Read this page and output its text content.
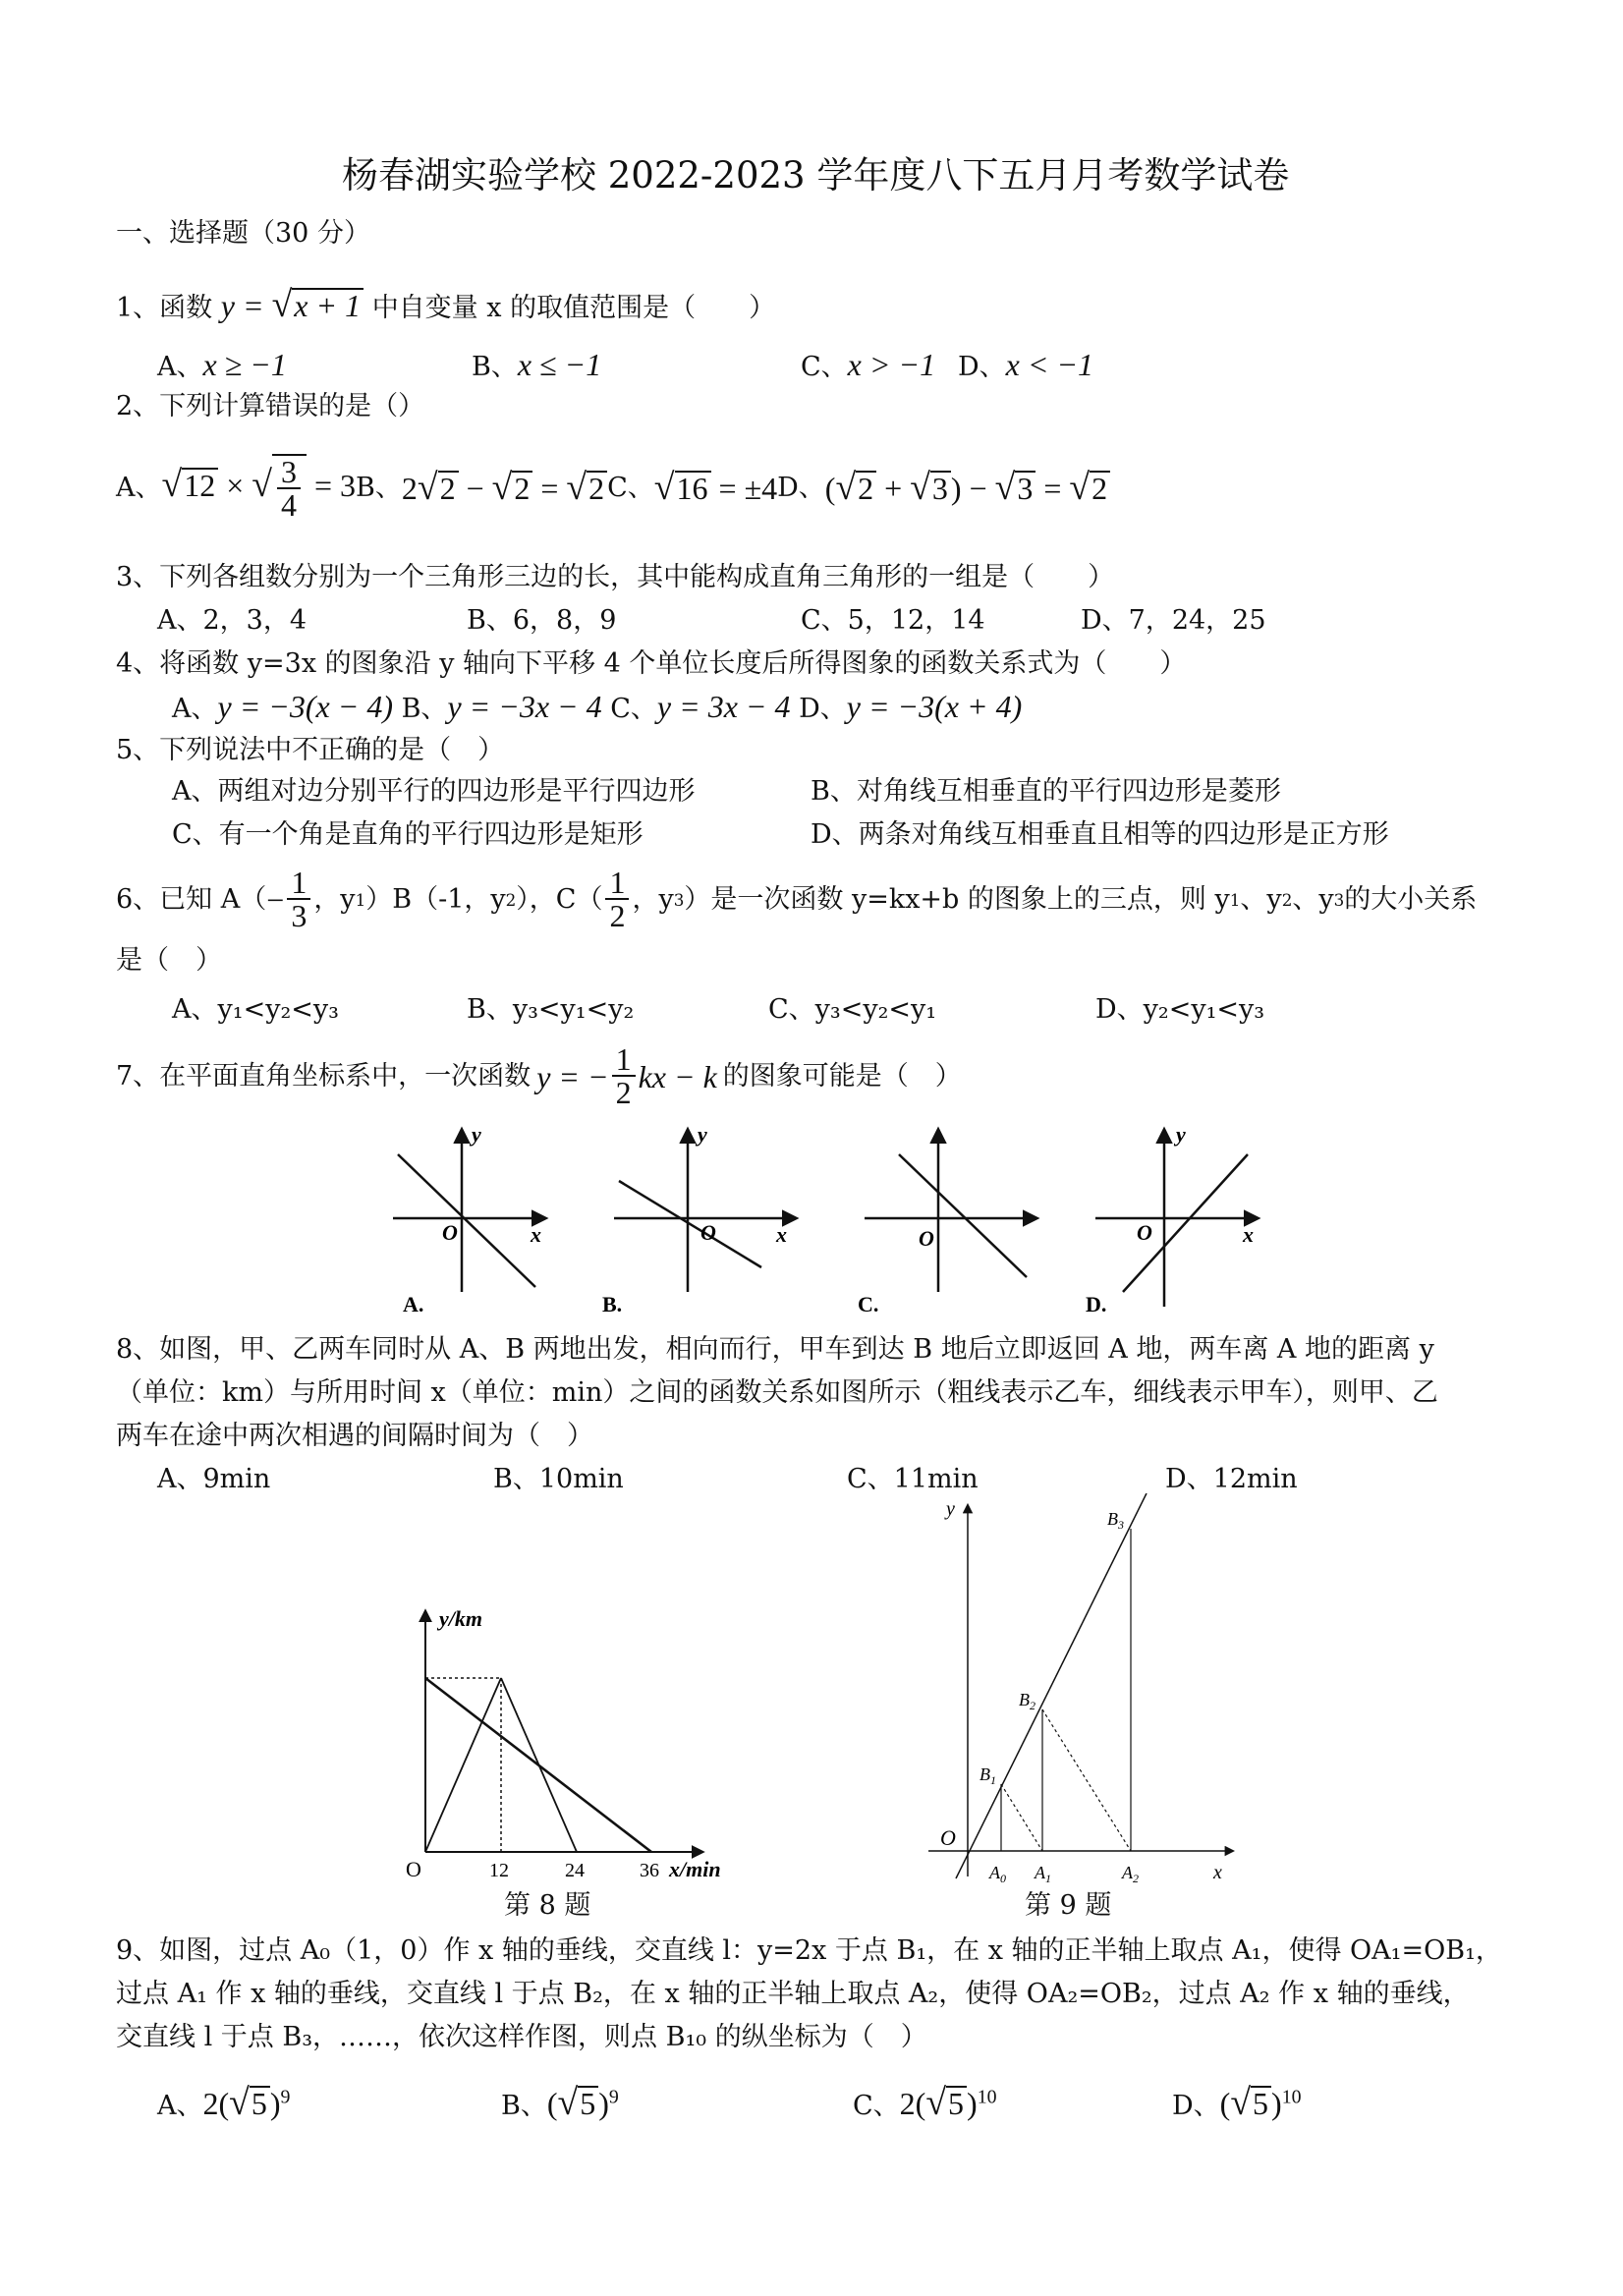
杨春湖实验学校 2022-2023 学年度八下五月月考数学试卷
一、选择题（30 分）
1、函数 y = √x + 1 中自变量 x 的取值范围是（　　）
A、x ≥ −1	B、x ≤ −1	C、x > −1 D、x < −1
2、下列计算错误的是（）
A、 √12 × √ $\frac{3}{4} = 3$ B、 2√2 − √2 = √2 C、 √16 = ±4 D、 (√2 + √3) − √3 = √2
3、下列各组数分别为一个三角形三边的长，其中能构成直角三角形的一组是（　　）
A、2，3，4	B、6，8，9	C、5，12，14	D、7，24，25
4、将函数 y=3x 的图象沿 y 轴向下平移 4 个单位长度后所得图象的函数关系式为（　　）
A、y = −3(x − 4) B、y = −3x − 4 C、y = 3x − 4 D、y = −3(x + 4)
5、下列说法中不正确的是（　）
A、两组对边分别平行的四边形是平行四边形	B、对角线互相垂直的平行四边形是菱形
C、有一个角是直角的平行四边形是矩形	D、两条对角线互相垂直且相等的四边形是正方形
6、已知 $A( - \frac{1}{3}$ ，y 1 ）B（-1，y 2 ），$C( \frac{1}{2}$ ，y 3 ）是一次函数 y=kx+b 的图象上的三点，则 y 1 、y 2 、y 3 的大小关系
是（　）
A、y₁<y₂<y₃	B、y₃<y₁<y₂	C、y₃<y₂<y₁	D、y₂<y₁<y₃
7、在平面直角坐标系中，一次函数 y = − $\frac{1}{2}$ kx − k 的图象可能是（　）
y
x
O
A.
y
x
O
B.
O
C.
y
x
O
D.
8、如图，甲、乙两车同时从 A、B 两地出发，相向而行，甲车到达 B 地后立即返回 A 地，两车离 A 地的距离 y
（单位：km）与所用时间 x（单位：min）之间的函数关系如图所示（粗线表示乙车，细线表示甲车），则甲、乙
两车在途中两次相遇的间隔时间为（　）
A、9min	B、10min	C、11min	D、12min
y/km
x/min
O	12	24	36
第 8 题
y
x
O
$A_0$ $A_1$	$A_2$
$B_1$
$B_2$
$B_3$
第 9 题
9、如图，过点 A₀（1，0）作 x 轴的垂线，交直线 l：y=2x 于点 B₁，在 x 轴的正半轴上取点 A₁，使得 OA₁=OB₁，
过点 A₁ 作 x 轴的垂线，交直线 l 于点 B₂，在 x 轴的正半轴上取点 A₂，使得 OA₂=OB₂，过点 A₂ 作 x 轴的垂线，
交直线 l 于点 B₃，……，依次这样作图，则点 B₁₀ 的纵坐标为（　）
A、$2(√5)^9$	B、$(√5)^9$	C、$2(√5)^{10}$	D、$(√5)^{10}$
